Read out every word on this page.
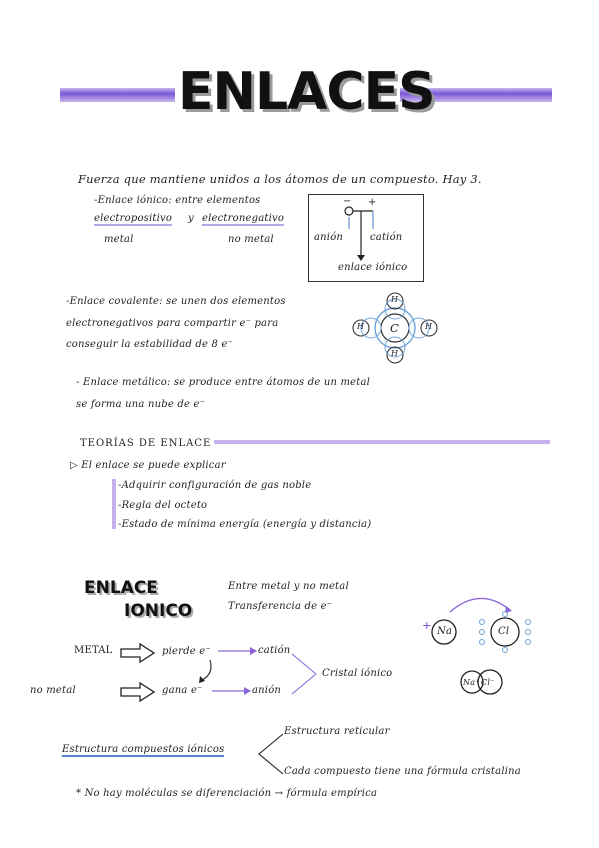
ENLACES
Fuerza que mantiene unidos a los átomos de un compuesto. Hay 3.
-Enlace iónico: entre elementos
electropositivo y electronegativo
metal	no metal
− +
anión	catión
enlace iónico
-Enlace covalente: se unen dos elementos
electronegativos para compartir e⁻ para
conseguir la estabilidad de 8 e⁻
C
H
H
H	H
- Enlace metálico: se produce entre átomos de un metal
se forma una nube de e⁻
TEORÍAS DE ENLACE
▷ El enlace se puede explicar
-Adquirir configuración de gas noble
-Regla del octeto
-Estado de mínima energía (energía y distancia)
ENLACE
IONICO
Entre metal y no metal
Transferencia de e⁻
+ Na	Cl
Na⁺ Cl⁻
METAL	pierde e⁻	catión
no metal	gana e⁻	anión
Cristal iónico
Estructura compuestos iónicos
Estructura reticular
Cada compuesto tiene una fórmula cristalina
* No hay moléculas se diferenciación → fórmula empírica
